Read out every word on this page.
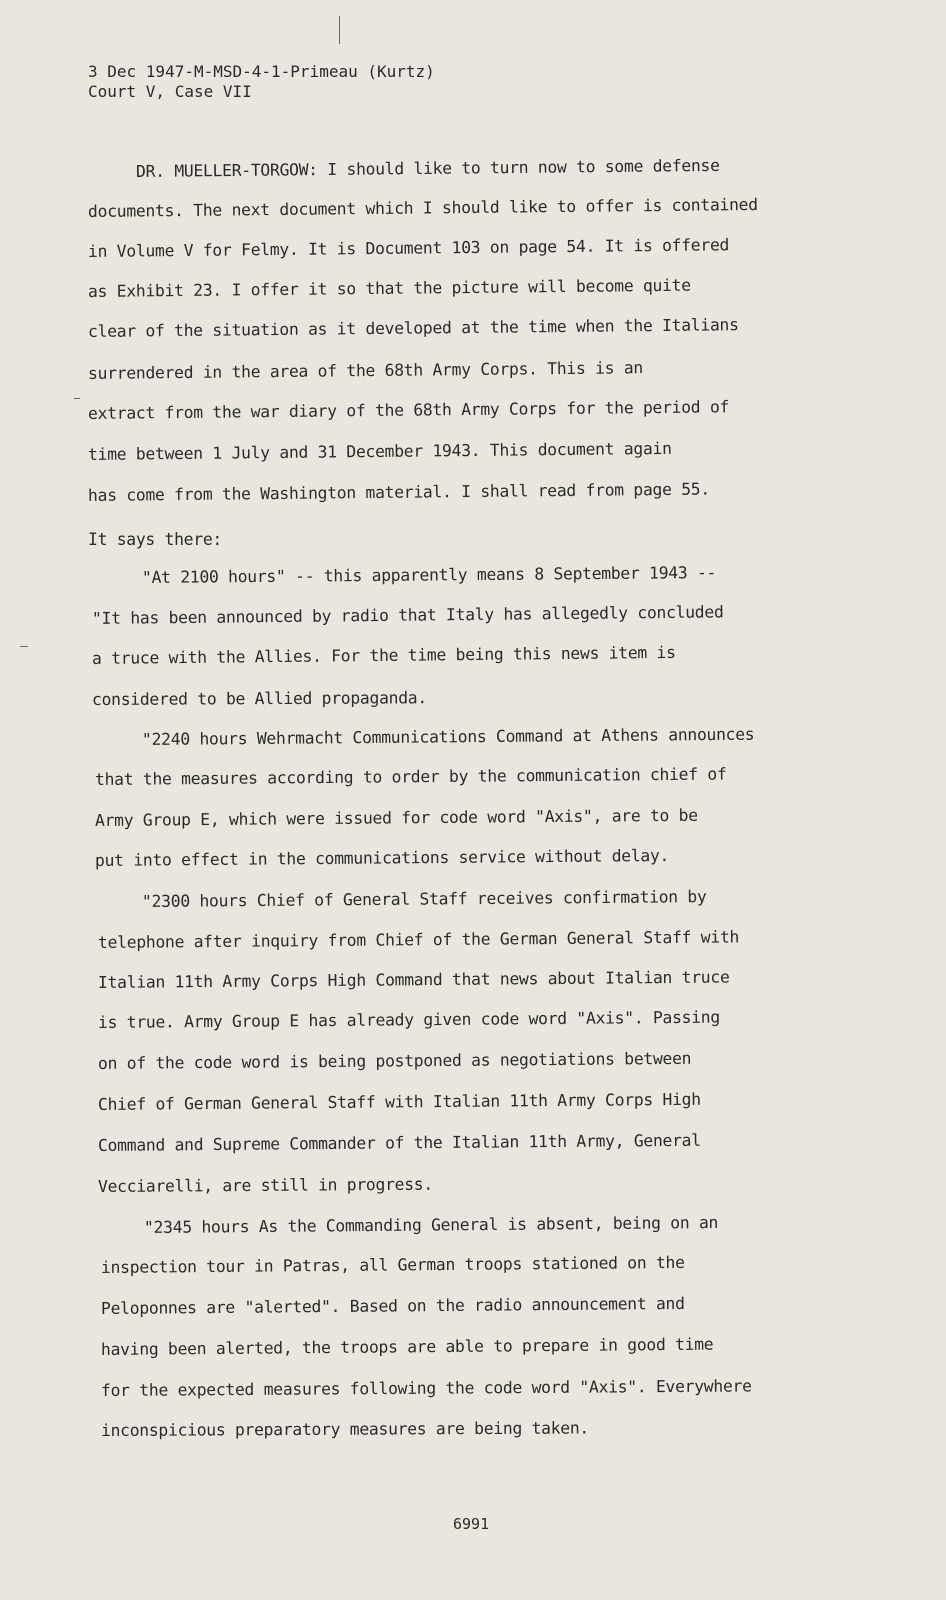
3 Dec 1947-M-MSD-4-1-Primeau (Kurtz)
Court V, Case VII
DR. MUELLER-TORGOW: I should like to turn now to some defense
documents. The next document which I should like to offer is contained
in Volume V for Felmy. It is Document 103 on page 54. It is offered
as Exhibit 23. I offer it so that the picture will become quite
clear of the situation as it developed at the time when the Italians
surrendered in the area of the 68th Army Corps. This is an
extract from the war diary of the 68th Army Corps for the period of
time between 1 July and 31 December 1943. This document again
has come from the Washington material. I shall read from page 55.
It says there:
"At 2100 hours" -- this apparently means 8 September 1943 --
"It has been announced by radio that Italy has allegedly concluded
a truce with the Allies. For the time being this news item is
considered to be Allied propaganda.
"2240 hours Wehrmacht Communications Command at Athens announces
that the measures according to order by the communication chief of
Army Group E, which were issued for code word "Axis", are to be
put into effect in the communications service without delay.
"2300 hours Chief of General Staff receives confirmation by
telephone after inquiry from Chief of the German General Staff with
Italian 11th Army Corps High Command that news about Italian truce
is true. Army Group E has already given code word "Axis". Passing
on of the code word is being postponed as negotiations between
Chief of German General Staff with Italian 11th Army Corps High
Command and Supreme Commander of the Italian 11th Army, General
Vecciarelli, are still in progress.
"2345 hours As the Commanding General is absent, being on an
inspection tour in Patras, all German troops stationed on the
Peloponnes are "alerted". Based on the radio announcement and
having been alerted, the troops are able to prepare in good time
for the expected measures following the code word "Axis". Everywhere
inconspicious preparatory measures are being taken.
6991
